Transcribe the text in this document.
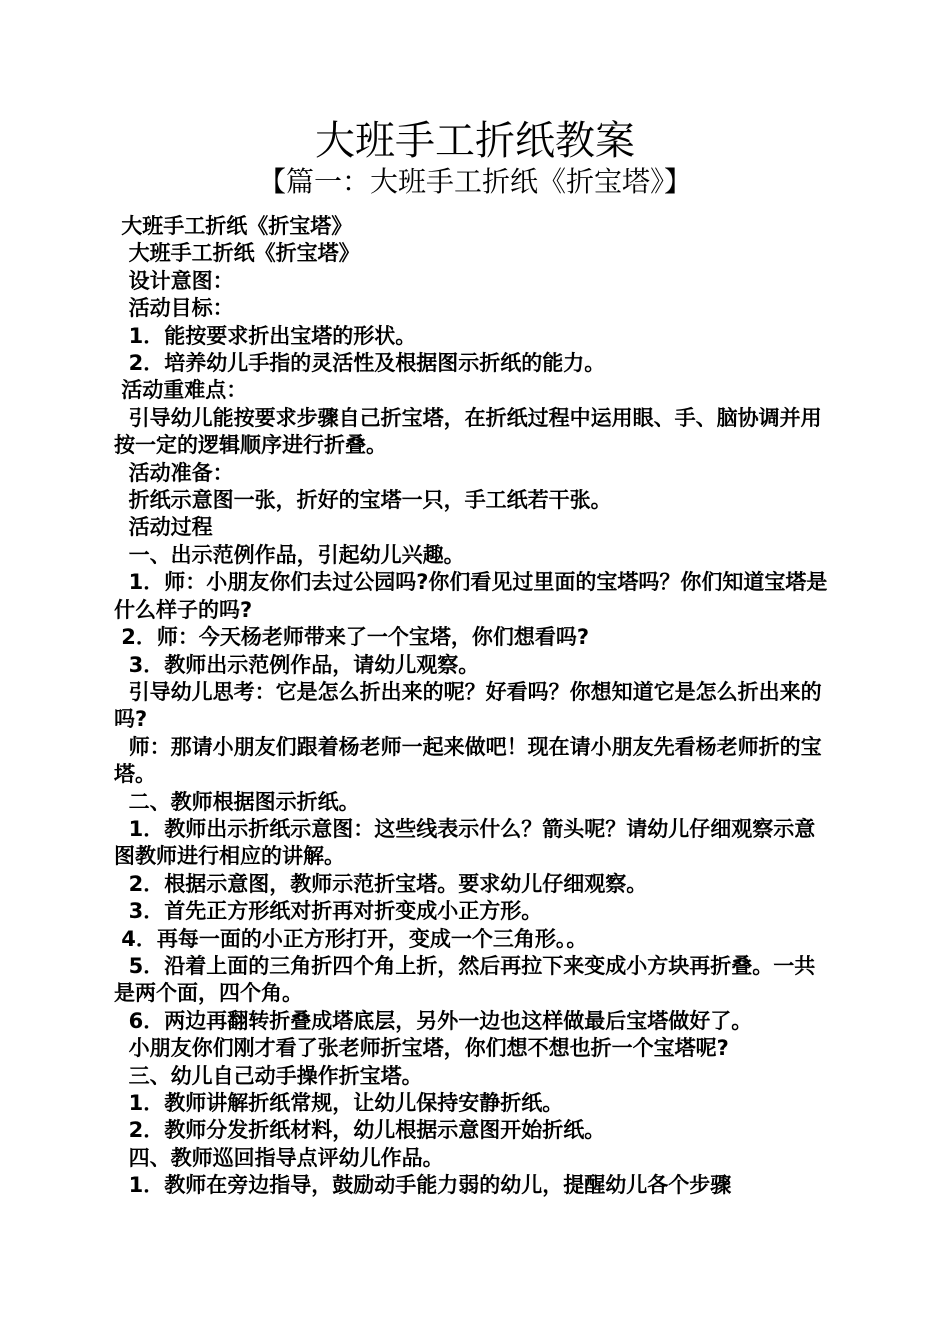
大班手工折纸教案
【篇一：大班手工折纸《折宝塔》】

大班手工折纸《折宝塔》

大班手工折纸《折宝塔》

设计意图：

活动目标：

1．能按要求折出宝塔的形状。

2．培养幼儿手指的灵活性及根据图示折纸的能力。

活动重难点：

引导幼儿能按要求步骤自己折宝塔，在折纸过程中运用眼、手、脑协调并用按一定的逻辑顺序进行折叠。

活动准备：

折纸示意图一张，折好的宝塔一只，手工纸若干张。

活动过程

一、出示范例作品，引起幼儿兴趣。

1．师：小朋友你们去过公园吗?你们看见过里面的宝塔吗？你们知道宝塔是什么样子的吗?

2．师：今天杨老师带来了一个宝塔，你们想看吗?

3．教师出示范例作品，请幼儿观察。

引导幼儿思考：它是怎么折出来的呢？好看吗？你想知道它是怎么折出来的吗?

师：那请小朋友们跟着杨老师一起来做吧！现在请小朋友先看杨老师折的宝塔。

二、教师根据图示折纸。

1．教师出示折纸示意图：这些线表示什么？箭头呢？请幼儿仔细观察示意图教师进行相应的讲解。

2．根据示意图，教师示范折宝塔。要求幼儿仔细观察。

3．首先正方形纸对折再对折变成小正方形。

4．再每一面的小正方形打开，变成一个三角形。。

5．沿着上面的三角折四个角上折，然后再拉下来变成小方块再折叠。一共是两个面，四个角。

6．两边再翻转折叠成塔底层，另外一边也这样做最后宝塔做好了。

小朋友你们刚才看了张老师折宝塔，你们想不想也折一个宝塔呢?

三、幼儿自己动手操作折宝塔。

1．教师讲解折纸常规，让幼儿保持安静折纸。

2．教师分发折纸材料，幼儿根据示意图开始折纸。

四、教师巡回指导点评幼儿作品。

1．教师在旁边指导，鼓励动手能力弱的幼儿，提醒幼儿各个步骤
